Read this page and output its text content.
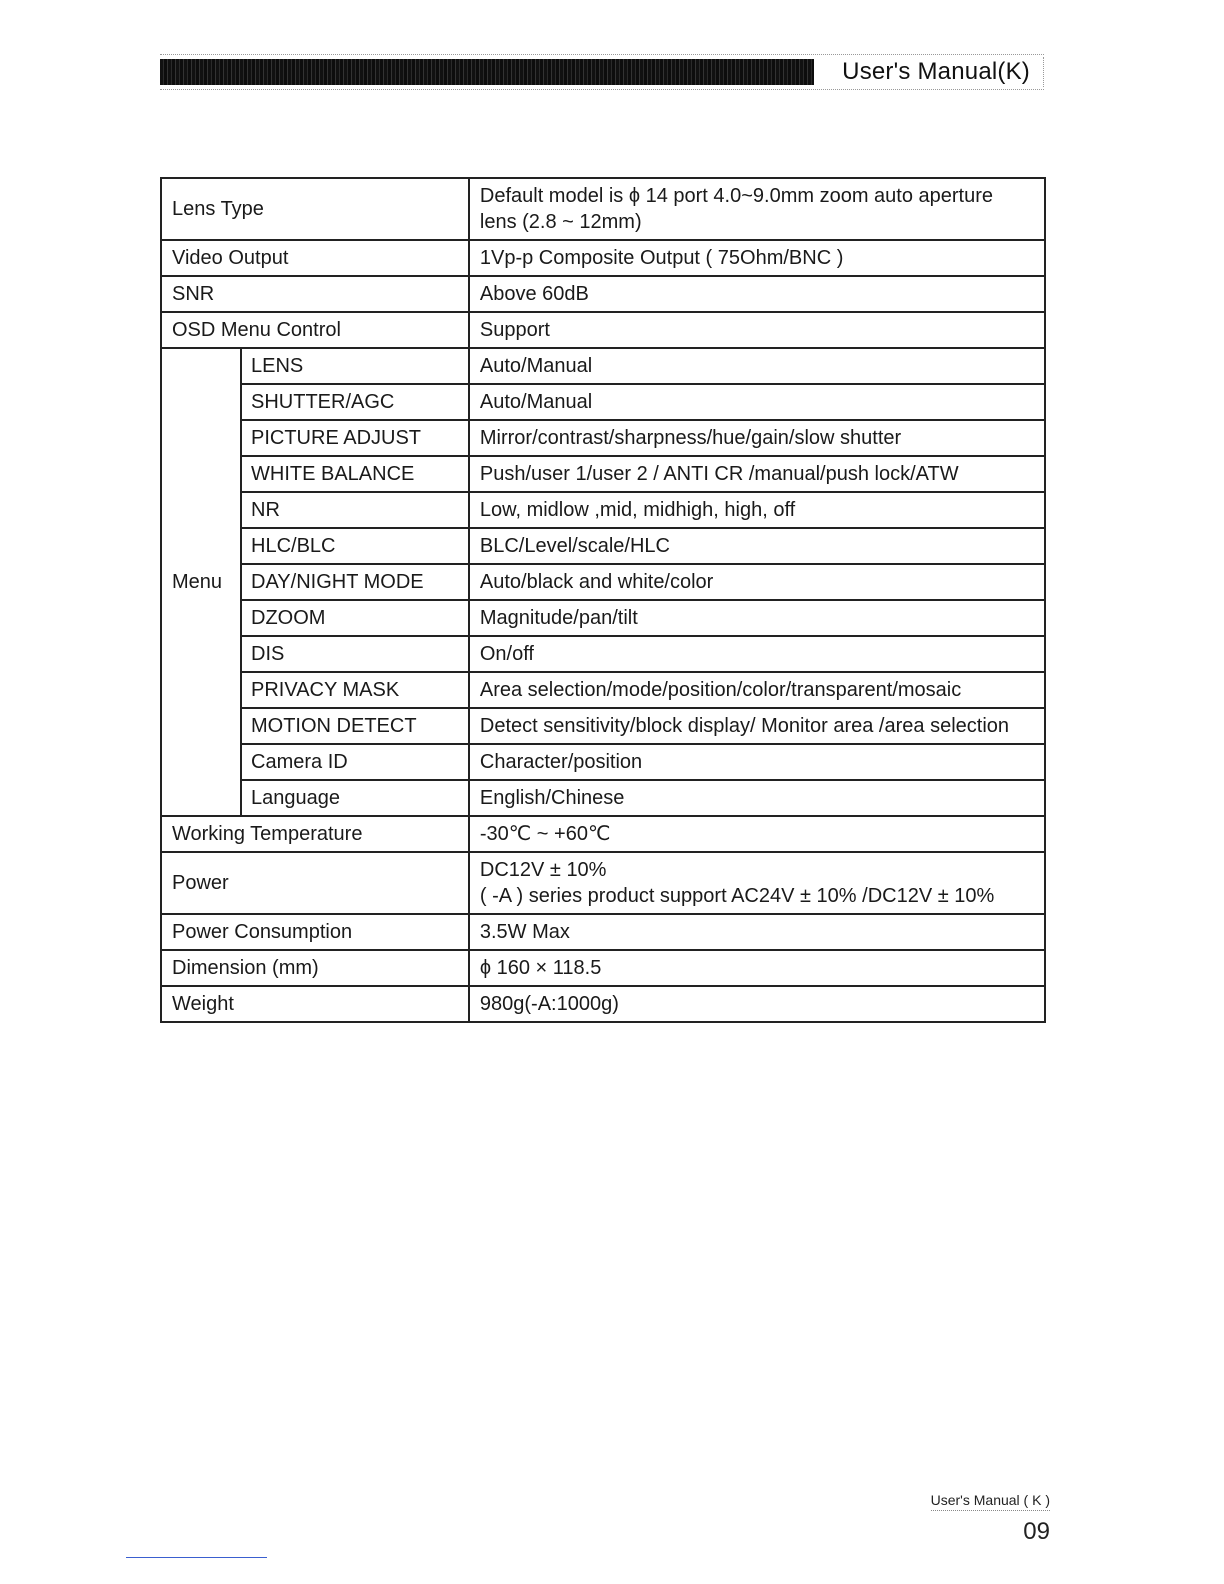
User's Manual(K)
Lens Type		Default model is ϕ 14 port 4.0~9.0mm zoom auto aperture
lens (2.8 ~ 12mm)

Video Output		1Vp-p Composite Output ( 75Ohm/BNC )
SNR		Above 60dB
OSD Menu Control		Support
Menu	LENS	Auto/Manual
	SHUTTER/AGC	Auto/Manual
	PICTURE ADJUST	Mirror/contrast/sharpness/hue/gain/slow shutter
	WHITE BALANCE	Push/user 1/user 2 / ANTI CR /manual/push lock/ATW
	NR	Low, midlow ,mid, midhigh, high, off
	HLC/BLC	BLC/Level/scale/HLC
	DAY/NIGHT MODE	Auto/black and white/color
	DZOOM	Magnitude/pan/tilt
	DIS	On/off
	PRIVACY MASK	Area selection/mode/position/color/transparent/mosaic
	MOTION DETECT	Detect sensitivity/block display/ Monitor area /area selection
	Camera ID	Character/position
	Language	English/Chinese
Working Temperature		-30℃ ~ +60℃
Power		DC12V ± 10%
( -A ) series product support AC24V ± 10% /DC12V ± 10%

Power Consumption		3.5W Max
Dimension (mm)		ϕ 160 × 118.5
Weight		980g(-A:1000g)
User's Manual ( K )
09
